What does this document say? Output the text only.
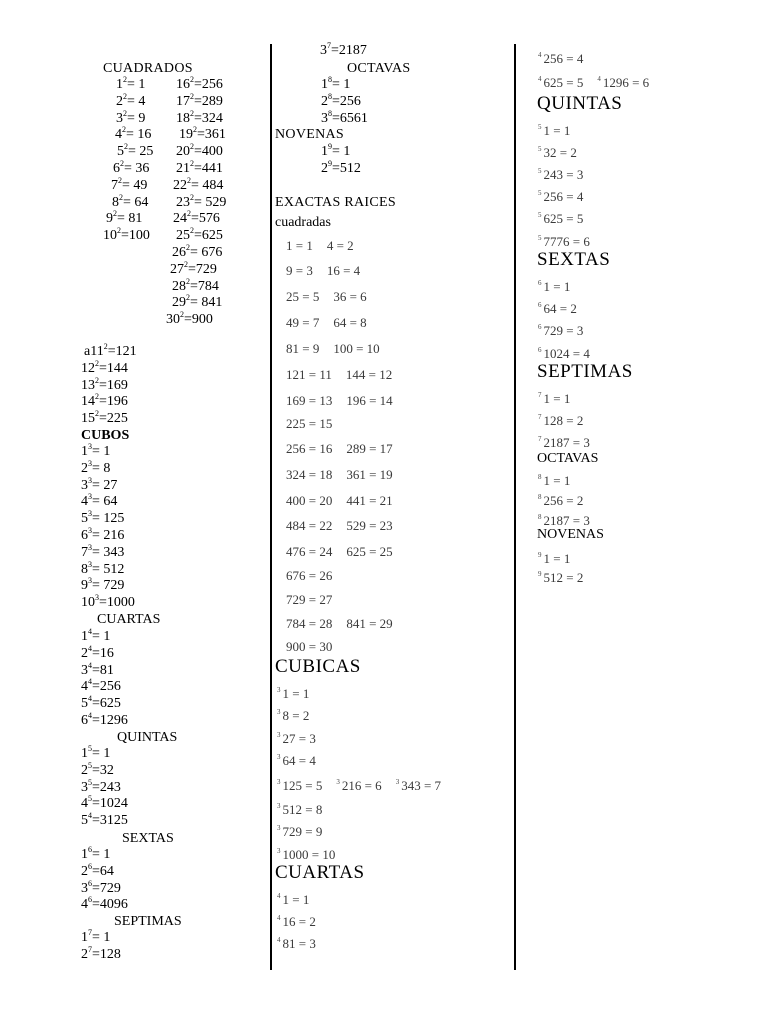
CUADRADOS
$1^2= 1$
$2^2= 4$
$3^2= 9$
$4^2= 16$
$5^2= 25$
$6^2= 36$
$7^2= 49$
$8^2= 64$
$9^2= 81$
$10^2=100$
$16^2=256$
$17^2=289$
$18^2=324$
$19^2=361$
$20^2=400$
$21^2=441$
$22^2= 484$
$23^2= 529$
$24^2=576$
$25^2=625$
$26^2= 676$
$27^2=729$
$28^2=784$
$29^2= 841$
$30^2=900$
$a11^2=121$
$12^2=144$
$13^2=169$
$14^2=196$
$15^2=225$
CUBOS
$1^3= 1$
$2^3= 8$
$3^3= 27$
$4^3= 64$
$5^3= 125$
$6^3= 216$
$7^3= 343$
$8^3= 512$
$9^3= 729$
$10^3=1000$
CUARTAS
$1^4= 1$
$2^4=16$
$3^4=81$
$4^4=256$
$5^4=625$
$6^4=1296$
QUINTAS
$1^5= 1$
$2^5=32$
$3^5=243$
$4^5=1024$
$5^4=3125$
SEXTAS
$1^6= 1$
$2^6=64$
$3^6=729$
$4^6=4096$
SEPTIMAS
$1^7= 1$
$2^7=128$
$3^7=2187$
OCTAVAS
$1^8= 1$
$2^8=256$
$3^8=6561$
NOVENAS
$1^9= 1$
$2^9=512$
EXACTAS RAICES
cuadradas
1 = 1 4 = 2
9 = 3 16 = 4
25 = 5 36 = 6
49 = 7 64 = 8
81 = 9 100 = 10
121 = 11 144 = 12
169 = 13 196 = 14
225 = 15
256 = 16 289 = 17
324 = 18 361 = 19
400 = 20 441 = 21
484 = 22 529 = 23
476 = 24 625 = 25
676 = 26
729 = 27
784 = 28 841 = 29
900 = 30
CUBICAS
$^3$ 1 = 1
$^3$ 8 = 2
$^3$ 27 = 3
$^3$ 64 = 4
$^3$ 125 = 5 $^3$ 216 = 6 $^3$ 343 = 7
$^3$ 512 = 8
$^3$ 729 = 9
$^3$ 1000 = 10
CUARTAS
$^4$ 1 = 1
$^4$ 16 = 2
$^4$ 81 = 3
$^4$ 256 = 4
$^4$ 625 = 5 $^4$ 1296 = 6
QUINTAS
$^5$ 1 = 1
$^5$ 32 = 2
$^5$ 243 = 3
$^5$ 256 = 4
$^5$ 625 = 5
$^5$ 7776 = 6
SEXTAS
$^6$ 1 = 1
$^6$ 64 = 2
$^6$ 729 = 3
$^6$ 1024 = 4
SEPTIMAS
$^7$ 1 = 1
$^7$ 128 = 2
$^7$ 2187 = 3
OCTAVAS
$^8$ 1 = 1
$^8$ 256 = 2
$^8$ 2187 = 3
NOVENAS
$^9$ 1 = 1
$^9$ 512 = 2
